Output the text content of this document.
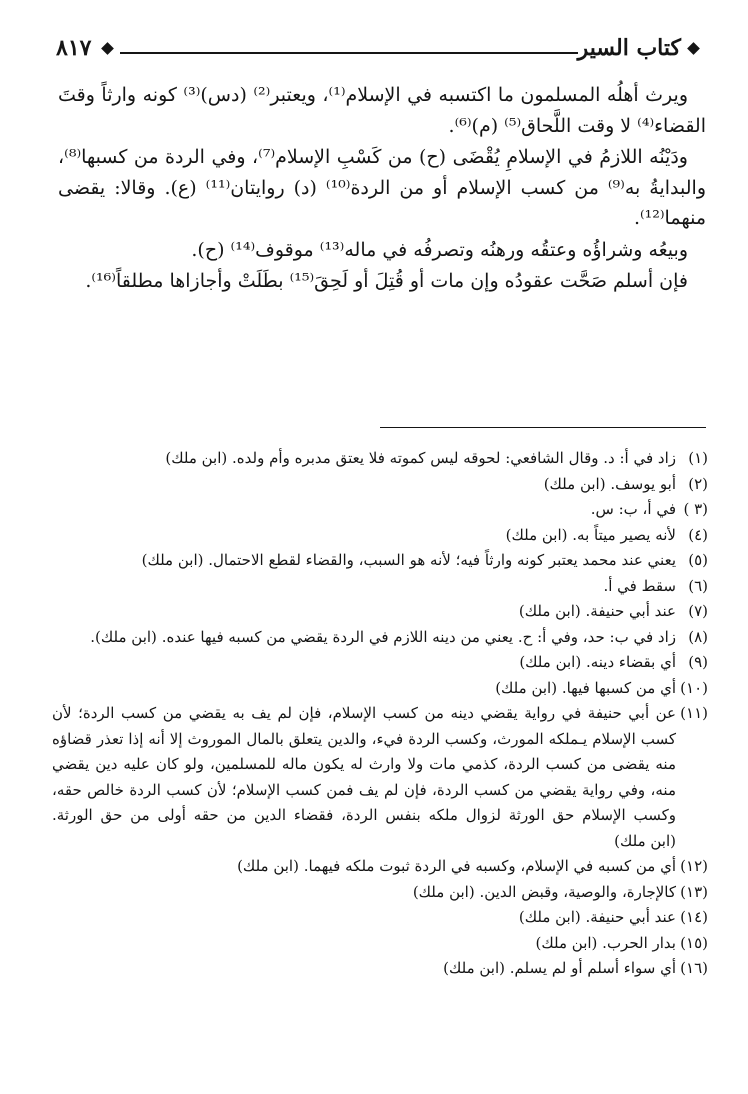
كتاب السير
٨١٧

ويرث أهلُه المسلمون ما اكتسبه في الإسلام⁽¹⁾، ويعتبر⁽²⁾ (دس)⁽³⁾ كونه وارثاً وقتَ القضاء⁽⁴⁾ لا وقت اللَّحاق⁽⁵⁾ (م)⁽⁶⁾.

ودَيْنُه اللازمُ في الإسلامِ يُقْضَى (ح) من كَسْبِ الإسلام⁽⁷⁾، وفي الردة من كسبها⁽⁸⁾، والبدايةُ به⁽⁹⁾ من كسب الإسلام أو من الردة⁽¹⁰⁾ (د) روايتان⁽¹¹⁾ (ع). وقالا: يقضى منهما⁽¹²⁾.

وبيعُه وشراؤُه وعتقُه ورهنُه وتصرفُه في ماله⁽¹³⁾ موقوف⁽¹⁴⁾ (ح).

فإن أسلم صَحَّت عقودُه وإن مات أو قُتِلَ أو لَحِقَ⁽¹⁵⁾ بطَلَتْ وأجازاها مطلقاً⁽¹⁶⁾.

(١)
زاد في أ: د. وقال الشافعي: لحوقه ليس كموته فلا يعتق مدبره وأم ولده. (ابن ملك)
(٢)
أبو يوسف. (ابن ملك)
(٣ )
في أ، ب: س.
(٤)
لأنه يصير ميتاً به. (ابن ملك)
(٥)
يعني عند محمد يعتبر كونه وارثاً فيه؛ لأنه هو السبب، والقضاء لقطع الاحتمال. (ابن ملك)
(٦)
سقط في أ.
(٧)
عند أبي حنيفة. (ابن ملك)
(٨)
زاد في ب: حد، وفي أ: ح. يعني من دينه اللازم في الردة يقضي من كسبه فيها عنده. (ابن ملك).
(٩)
أي بقضاء دينه. (ابن ملك)
(١٠)
أي من كسبها فيها. (ابن ملك)
(١١)
عن أبي حنيفة في رواية يقضي دينه من كسب الإسلام، فإن لم يف به يقضي من كسب الردة؛ لأن كسب الإسلام يـملكه المورث، وكسب الردة فيء، والدين يتعلق بالمال الموروث إلا أنه إذا تعذر قضاؤه منه يقضى من كسب الردة، كذمي مات ولا وارث له يكون ماله للمسلمين، ولو كان عليه دين يقضي منه، وفي رواية يقضي من كسب الردة، فإن لم يف فمن كسب الإسلام؛ لأن كسب الردة خالص حقه، وكسب الإسلام حق الورثة لزوال ملكه بنفس الردة، فقضاء الدين من حقه أولى من حق الورثة. (ابن ملك)
(١٢)
أي من كسبه في الإسلام، وكسبه في الردة ثبوت ملكه فيهما. (ابن ملك)
(١٣)
كالإجارة، والوصية، وقبض الدين. (ابن ملك)
(١٤)
عند أبي حنيفة. (ابن ملك)
(١٥)
بدار الحرب. (ابن ملك)
(١٦)
أي سواء أسلم أو لم يسلم. (ابن ملك)
